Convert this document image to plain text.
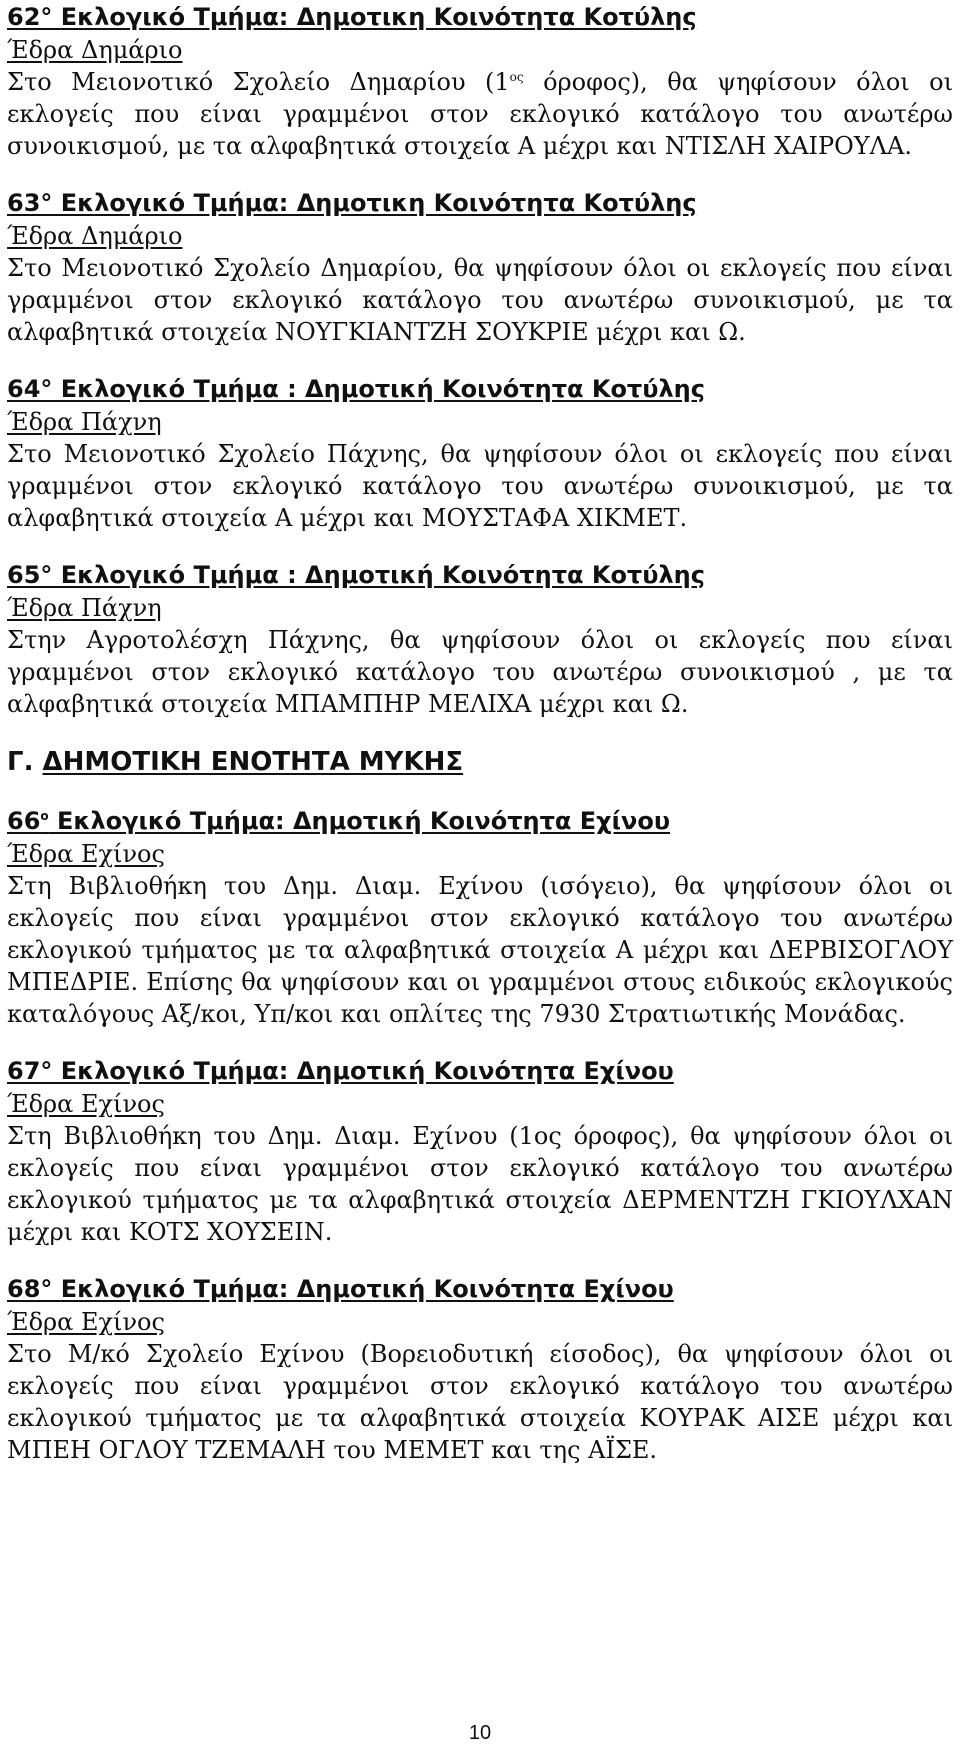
62° Εκλογικό Τμήμα: Δημοτικη Κοινότητα Κοτύλης
Έδρα Δημάριο
Στο Μειονοτικό Σχολείο Δημαρίου ($1^{o\varsigma}$ όροφος), θα ψηφίσουν όλοι οι εκλογείς που είναι γραμμένοι στον εκλογικό κατάλογο του ανωτέρω συνοικισμού, με τα αλφαβητικά στοιχεία Α μέχρι και ΝΤΙΣΛΗ ΧΑΙΡΟΥΛΑ.
63° Εκλογικό Τμήμα: Δημοτικη Κοινότητα Κοτύλης
Έδρα Δημάριο
Στο Μειονοτικό Σχολείο Δημαρίου, θα ψηφίσουν όλοι οι εκλογείς που είναι γραμμένοι στον εκλογικό κατάλογο του ανωτέρω συνοικισμού, με τα αλφαβητικά στοιχεία ΝΟΥΓΚΙΑΝΤΖΗ ΣΟΥΚΡΙΕ μέχρι και Ω.
64° Εκλογικό Τμήμα : Δημοτική Κοινότητα Κοτύλης
Έδρα Πάχνη
Στο Μειονοτικό Σχολείο Πάχνης, θα ψηφίσουν όλοι οι εκλογείς που είναι γραμμένοι στον εκλογικό κατάλογο του ανωτέρω συνοικισμού, με τα αλφαβητικά στοιχεία Α μέχρι και ΜΟΥΣΤΑΦΑ ΧΙΚΜΕΤ.
65° Εκλογικό Τμήμα : Δημοτική Κοινότητα Κοτύλης
Έδρα Πάχνη
Στην Αγροτολέσχη Πάχνης, θα ψηφίσουν όλοι οι εκλογείς που είναι γραμμένοι στον εκλογικό κατάλογο του ανωτέρω συνοικισμού , με τα αλφαβητικά στοιχεία ΜΠΑΜΠΗΡ ΜΕΛΙΧΑ μέχρι και Ω.
Γ. ΔΗΜΟΤΙΚΗ ΕΝΟΤΗΤΑ ΜΥΚΗΣ
$66^o$ Εκλογικό Τμήμα: Δημοτική Κοινότητα Εχίνου
Έδρα Εχίνος
Στη Βιβλιοθήκη του Δημ. Διαμ. Εχίνου (ισόγειο), θα ψηφίσουν όλοι οι εκλογείς που είναι γραμμένοι στον εκλογικό κατάλογο του ανωτέρω εκλογικού τμήματος με τα αλφαβητικά στοιχεία Α μέχρι και ΔΕΡΒΙΣΟΓΛΟΥ ΜΠΕΔΡΙΕ. Επίσης θα ψηφίσουν και οι γραμμένοι στους ειδικούς εκλογικούς καταλόγους Αξ/κοι, Υπ/κοι και οπλίτες της 7930 Στρατιωτικής Μονάδας.
67° Εκλογικό Τμήμα: Δημοτική Κοινότητα Εχίνου
Έδρα Εχίνος
Στη Βιβλιοθήκη του Δημ. Διαμ. Εχίνου (1ος όροφος), θα ψηφίσουν όλοι οι εκλογείς που είναι γραμμένοι στον εκλογικό κατάλογο του ανωτέρω εκλογικού τμήματος με τα αλφαβητικά στοιχεία ΔΕΡΜΕΝΤΖΗ ΓΚΙΟΥΛΧΑΝ μέχρι και ΚΟΤΣ ΧΟΥΣΕΙΝ.
68° Εκλογικό Τμήμα: Δημοτική Κοινότητα Εχίνου
Έδρα Εχίνος
Στο Μ/κό Σχολείο Εχίνου (Βορειοδυτική είσοδος), θα ψηφίσουν όλοι οι εκλογείς που είναι γραμμένοι στον εκλογικό κατάλογο του ανωτέρω εκλογικού τμήματος με τα αλφαβητικά στοιχεία ΚΟΥΡΑΚ ΑΙΣΕ μέχρι και ΜΠΕΗ ΟΓΛΟΥ ΤΖΕΜΑΛΗ του ΜΕΜΕΤ και της ΑΪΣΕ.
10
